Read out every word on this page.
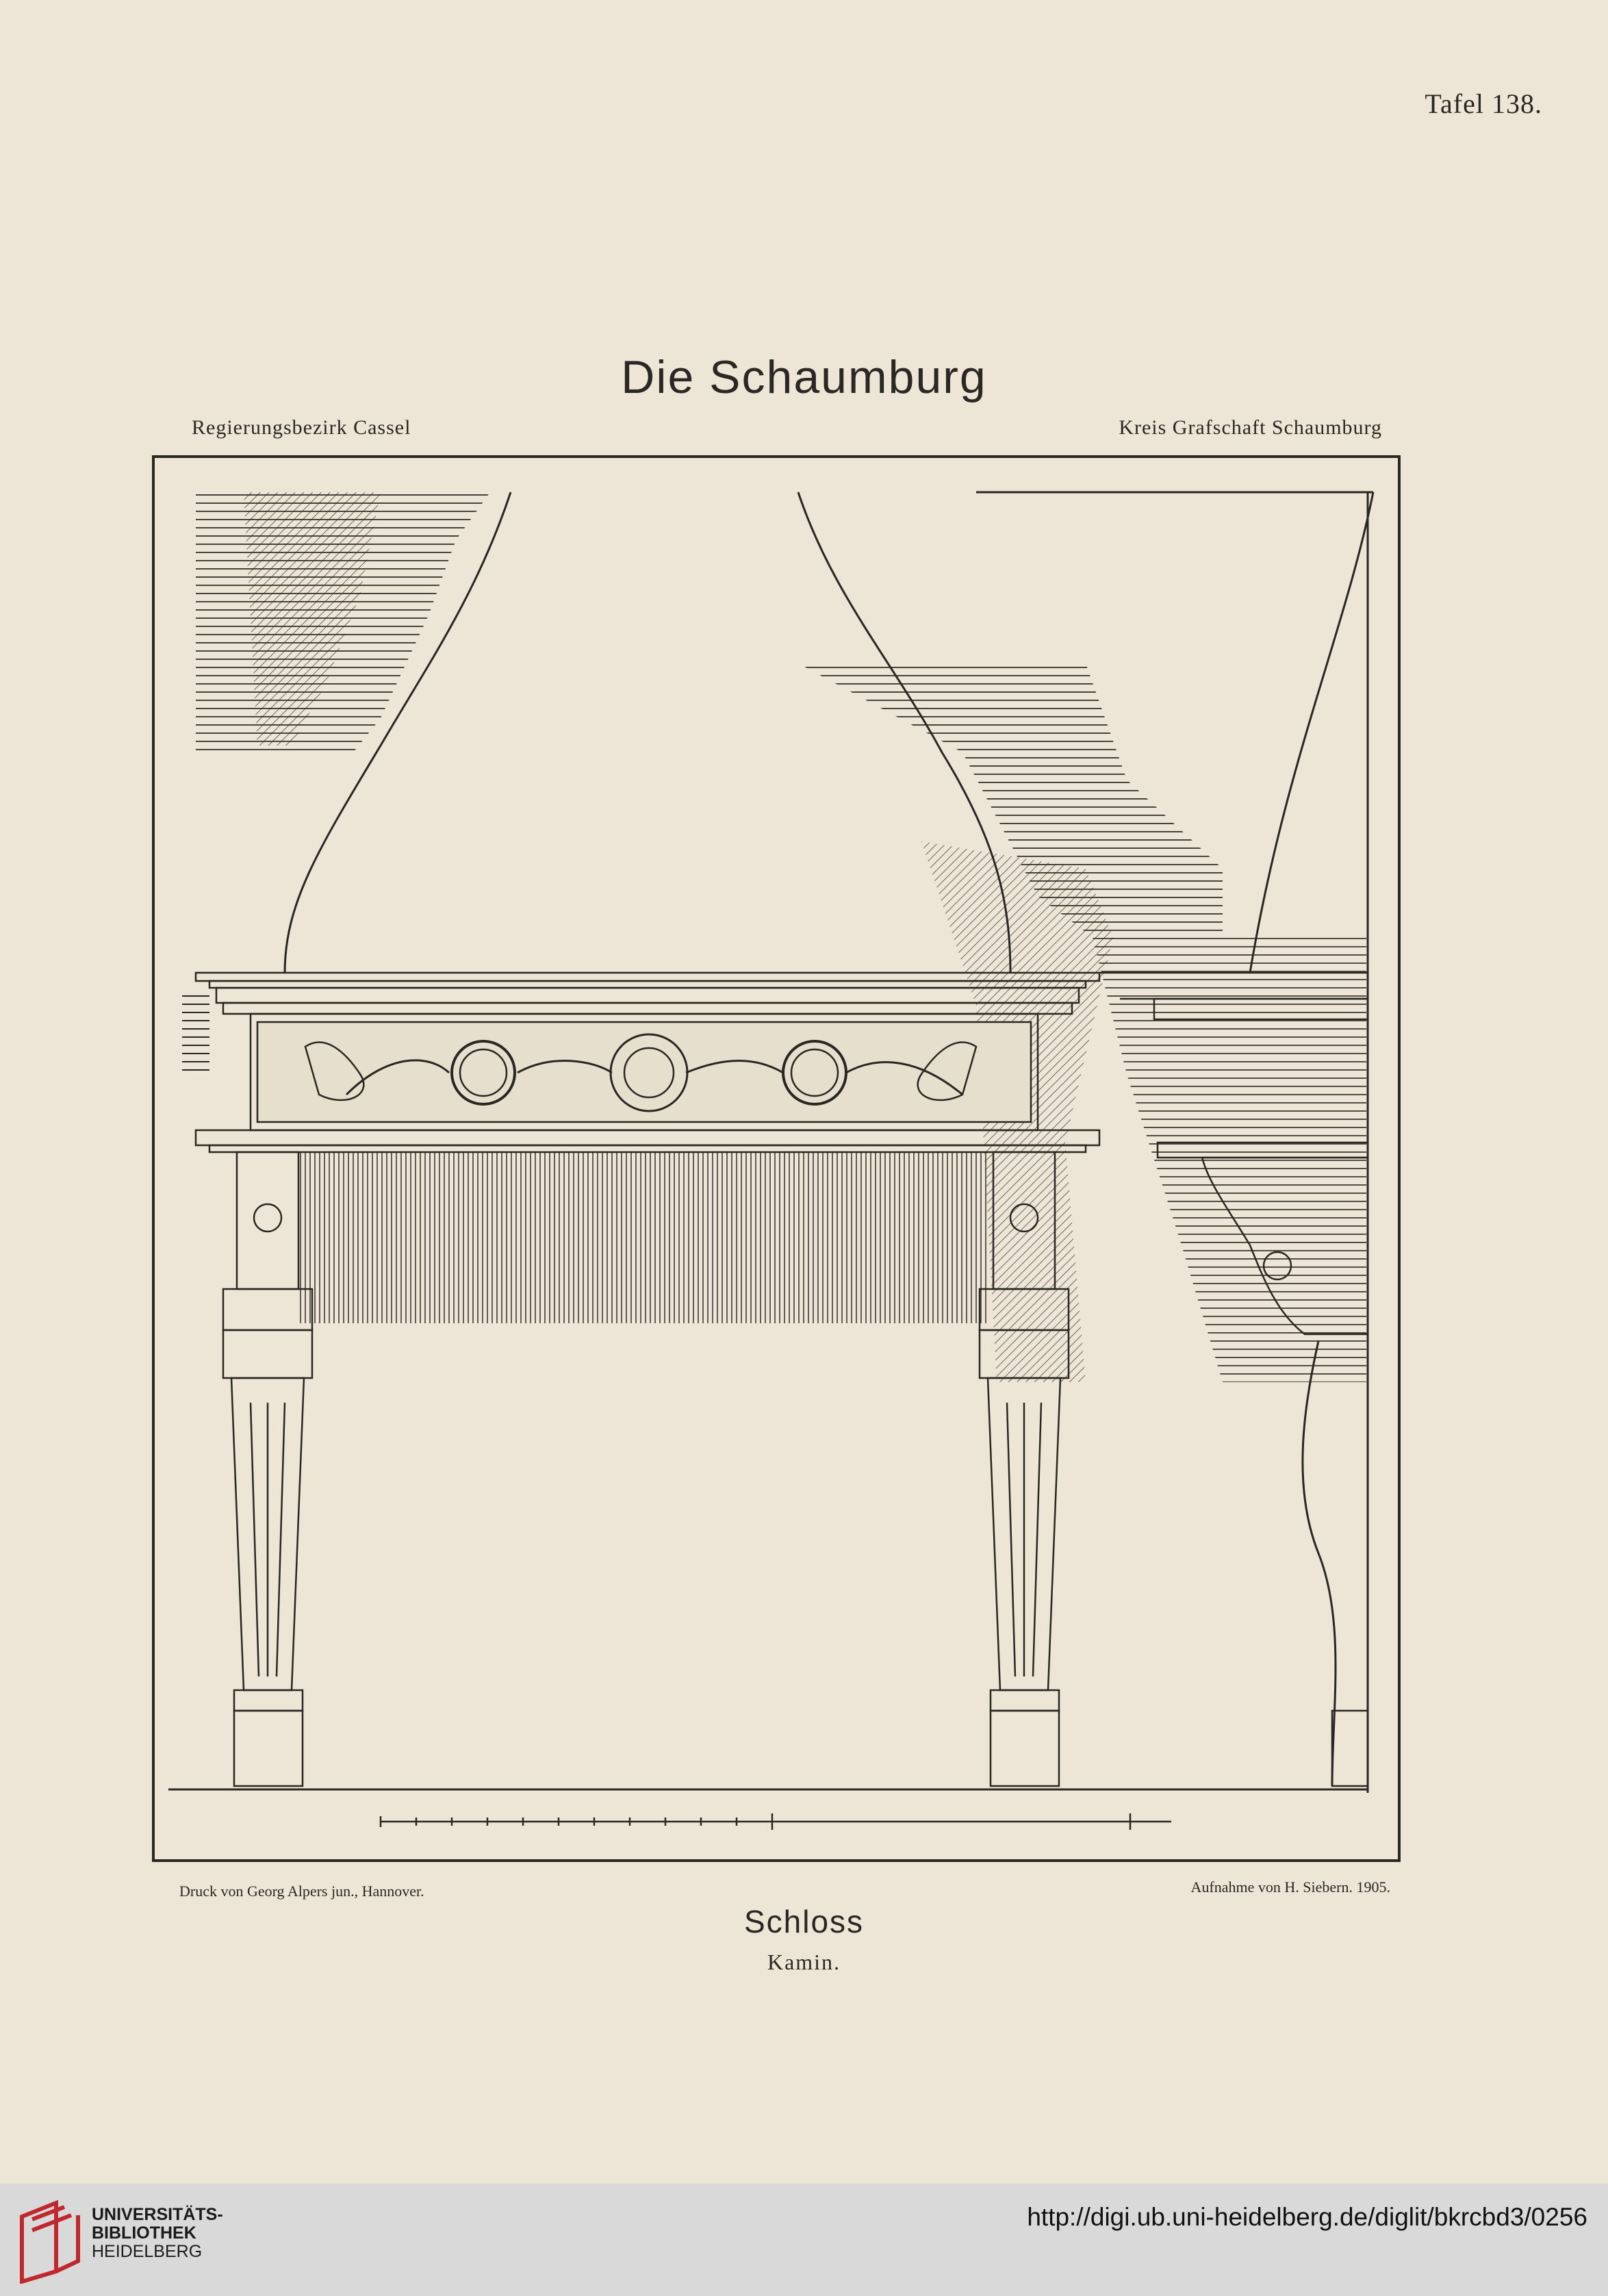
Tafel 138.
Die Schaumburg
Regierungsbezirk Cassel	Kreis Grafschaft Schaumburg
Druck von Georg Alpers jun., Hannover.	Aufnahme von H. Siebern. 1905.
Schloss
Kamin.
UNIVERSITÄTS-
BIBLIOTHEK
HEIDELBERG
http://digi.ub.uni-heidelberg.de/diglit/bkrcbd3/0256
